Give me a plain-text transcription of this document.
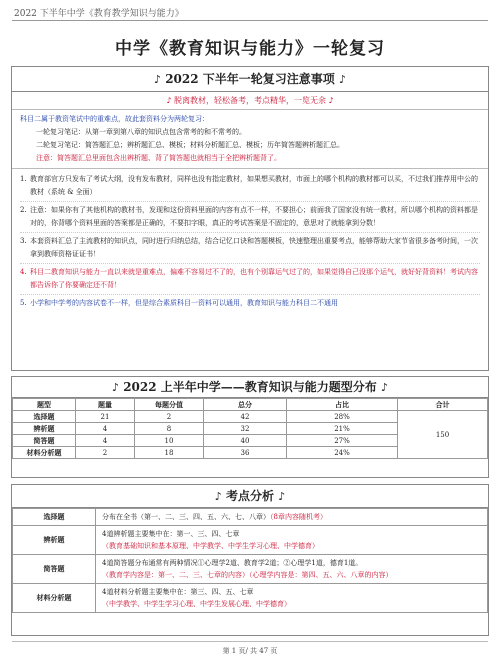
2022 下半年中学《教育教学知识与能力》
中学《教育知识与能力》一轮复习
♪ 2022 下半年一轮复习注意事项 ♪
♪ 脱离教材，轻松备考，考点精华，一览无余 ♪

科目二属于教资笔试中的重难点，故此套资料分为两轮复习：

一轮复习笔记：从第一章到第八章的知识点包含常考的和不常考的。

二轮复习笔记：简答题汇总；辨析题汇总、模板；材料分析题汇总、模板；历年简答题辨析题汇总。

注意：简答题汇总里面包含出辨析题、背了简答题也就相当于全把辨析题背了。

1. 教育部官方只发布了考试大纲，没有发布教材，同样也没有指定教材，如果想买教材，市面上的哪个机构的教材都可以买，不过我们推荐用中公的教材（系统 & 全面）
2. 注意：如果你有了其他机构的教材书，发现和这份资料里面的内容有点不一样，不要担心；前面我了国家没有统一教材，所以哪个机构的资料都是对的，你背哪个资料里面的答案都是正确的，不要扣字眼，真正的考试答案是不固定的，意思对了就能拿到分数！
3. 本套资料汇总了主流教材的知识点，同时进行归纳总结，结合记忆口诀和答题模板，快速整理出重要考点，能够帮助大家节省很多备考时间，一次拿到教师资格证证书！
4. 科目二教育知识与能力一直以来就是重难点，偏难不容易过不了的，也有个别靠运气过了的，如果觉得自己没那个运气，就好好背资料！考试内容都告诉你了你要确定还不背！
5. 小学和中学考的内容试卷不一样，但是综合素质科目一资料可以通用，教育知识与能力科目二不通用
♪ 2022 上半年中学——教育知识与能力题型分布 ♪
题型	题量	每题分值	总分	占比	合计
选择题	21	2	42	28%	150
辨析题	4	8	32	21%	
简答题	4	10	40	27%	
材料分析题	2	18	36	24%	
♪ 考点分析 ♪
选择题	分布在全书（第一、二、三、四、五、六、七、八章）（8章内容随机考）
辨析题	4道辨析题主要集中在：第一、三、四、七章
（教育基础知识和基本原理、中学教学、中学生学习心理、中学德育）

简答题	4道简答题分布通常有两种情况①心理学2道、教育学2道；②心理学1道，德育1道。
（教育学内容是：第一、二、三、七章的内容）（心理学内容是：第四、五、六、八章的内容）

材料分析题	4道材料分析题主要集中在：第三、四、五、七章
（中学教学、中学生学习心理、中学生发展心理、中学德育）
第 1 页/ 共 47 页
